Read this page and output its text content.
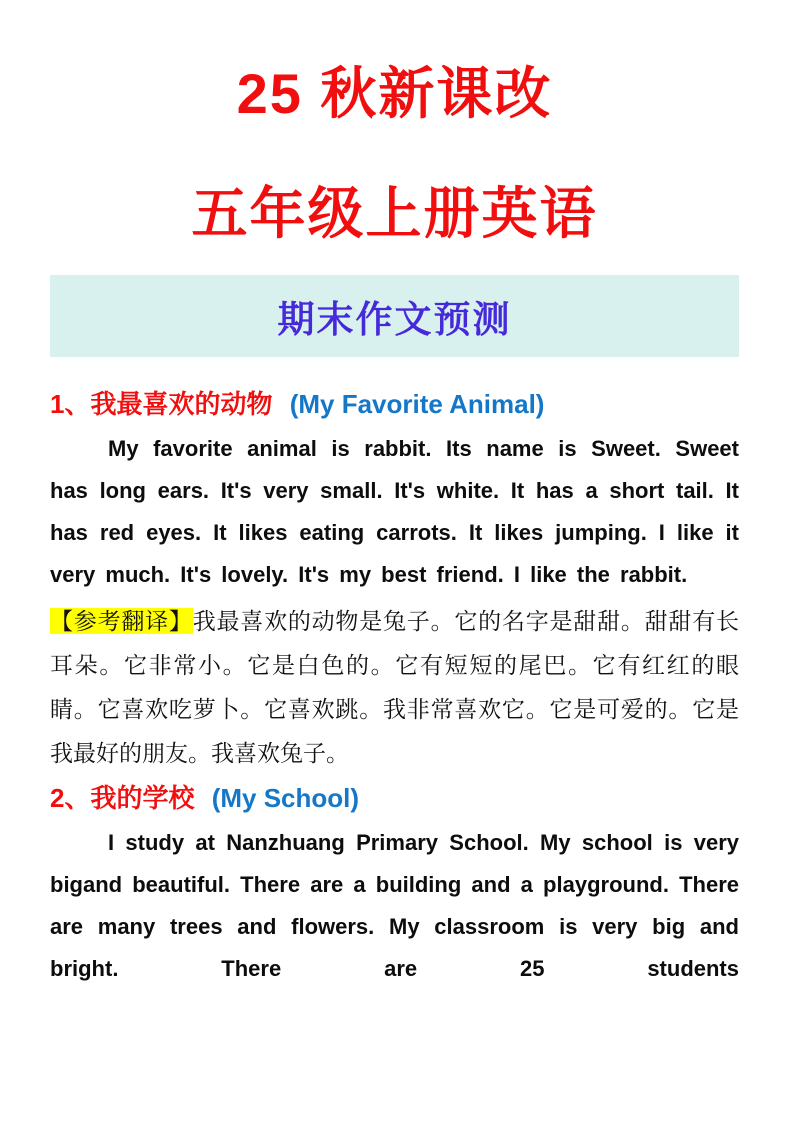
25 秋新课改
五年级上册英语
期末作文预测
1、我最喜欢的动物 (My Favorite Animal)

My favorite animal is rabbit. Its name is Sweet. Sweet has long ears. It's very small. It's white. It has a short tail. It has red eyes. It likes eating carrots. It likes jumping. I like it very much. It's lovely. It's my best friend. I like the rabbit.

【参考翻译】我最喜欢的动物是兔子。它的名字是甜甜。甜甜有长耳朵。它非常小。它是白色的。它有短短的尾巴。它有红红的眼睛。它喜欢吃萝卜。它喜欢跳。我非常喜欢它。它是可爱的。它是我最好的朋友。我喜欢兔子。

2、我的学校 (My School)

I study at Nanzhuang Primary School. My school is very bigand beautiful. There are a building and a playground. There are many trees and flowers. My classroom is very big and bright. There are 25 students
